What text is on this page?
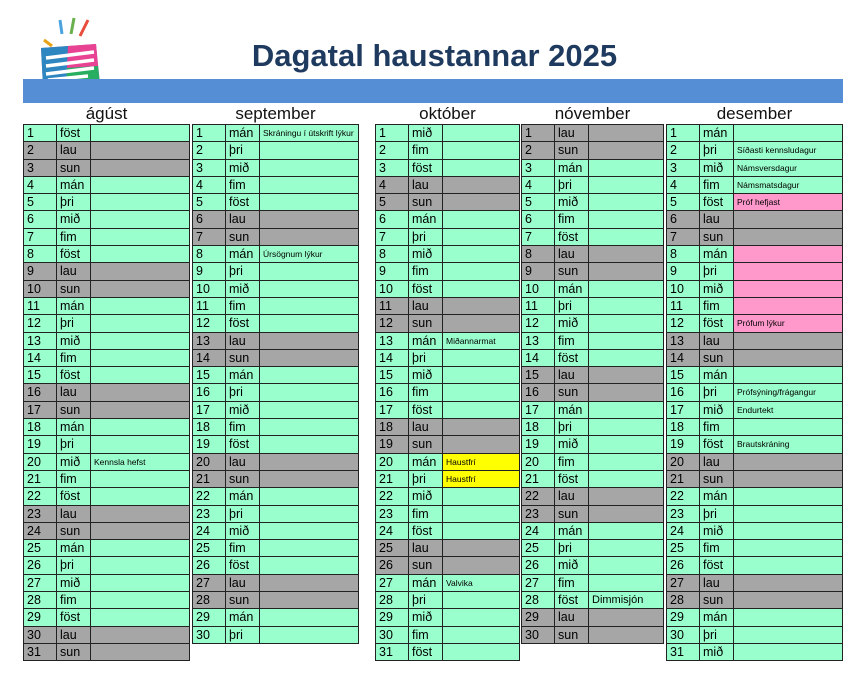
Dagatal haustannar 2025
ágúst
1	föst
2	lau
3	sun
4	mán
5	þri
6	mið
7	fim
8	föst
9	lau
10	sun
11	mán
12	þri
13	mið
14	fim
15	föst
16	lau
17	sun
18	mán
19	þri
20	mið	Kennsla hefst
21	fim
22	föst
23	lau
24	sun
25	mán
26	þri
27	mið
28	fim
29	föst
30	lau
31	sun
september
1	mán	Skráningu í útskrift lýkur
2	þri
3	mið
4	fim
5	föst
6	lau
7	sun
8	mán	Úrsögnum lýkur
9	þri
10	mið
11	fim
12	föst
13	lau
14	sun
15	mán
16	þri
17	mið
18	fim
19	föst
20	lau
21	sun
22	mán
23	þri
24	mið
25	fim
26	föst
27	lau
28	sun
29	mán
30	þri
október
1	mið
2	fim
3	föst
4	lau
5	sun
6	mán
7	þri
8	mið
9	fim
10	föst
11	lau
12	sun
13	mán	Miðannarmat
14	þri
15	mið
16	fim
17	föst
18	lau
19	sun
20	mán	Haustfrí
21	þri	Haustfrí
22	mið
23	fim
24	föst
25	lau
26	sun
27	mán	Valvika
28	þri
29	mið
30	fim
31	föst
nóvember
1	lau
2	sun
3	mán
4	þri
5	mið
6	fim
7	föst
8	lau
9	sun
10	mán
11	þri
12	mið
13	fim
14	föst
15	lau
16	sun
17	mán
18	þri
19	mið
20	fim
21	föst
22	lau
23	sun
24	mán
25	þri
26	mið
27	fim
28	föst	Dimmisjón
29	lau
30	sun
desember
1	mán
2	þri	Síðasti kennsludagur
3	mið	Námsversdagur
4	fim	Námsmatsdagur
5	föst	Próf hefjast
6	lau
7	sun
8	mán
9	þri
10	mið
11	fim
12	föst	Prófum lýkur
13	lau
14	sun
15	mán
16	þri	Prófsýning/frágangur
17	mið	Endurtekt
18	fim
19	föst	Brautskráning
20	lau
21	sun
22	mán
23	þri
24	mið
25	fim
26	föst
27	lau
28	sun
29	mán
30	þri
31	mið
